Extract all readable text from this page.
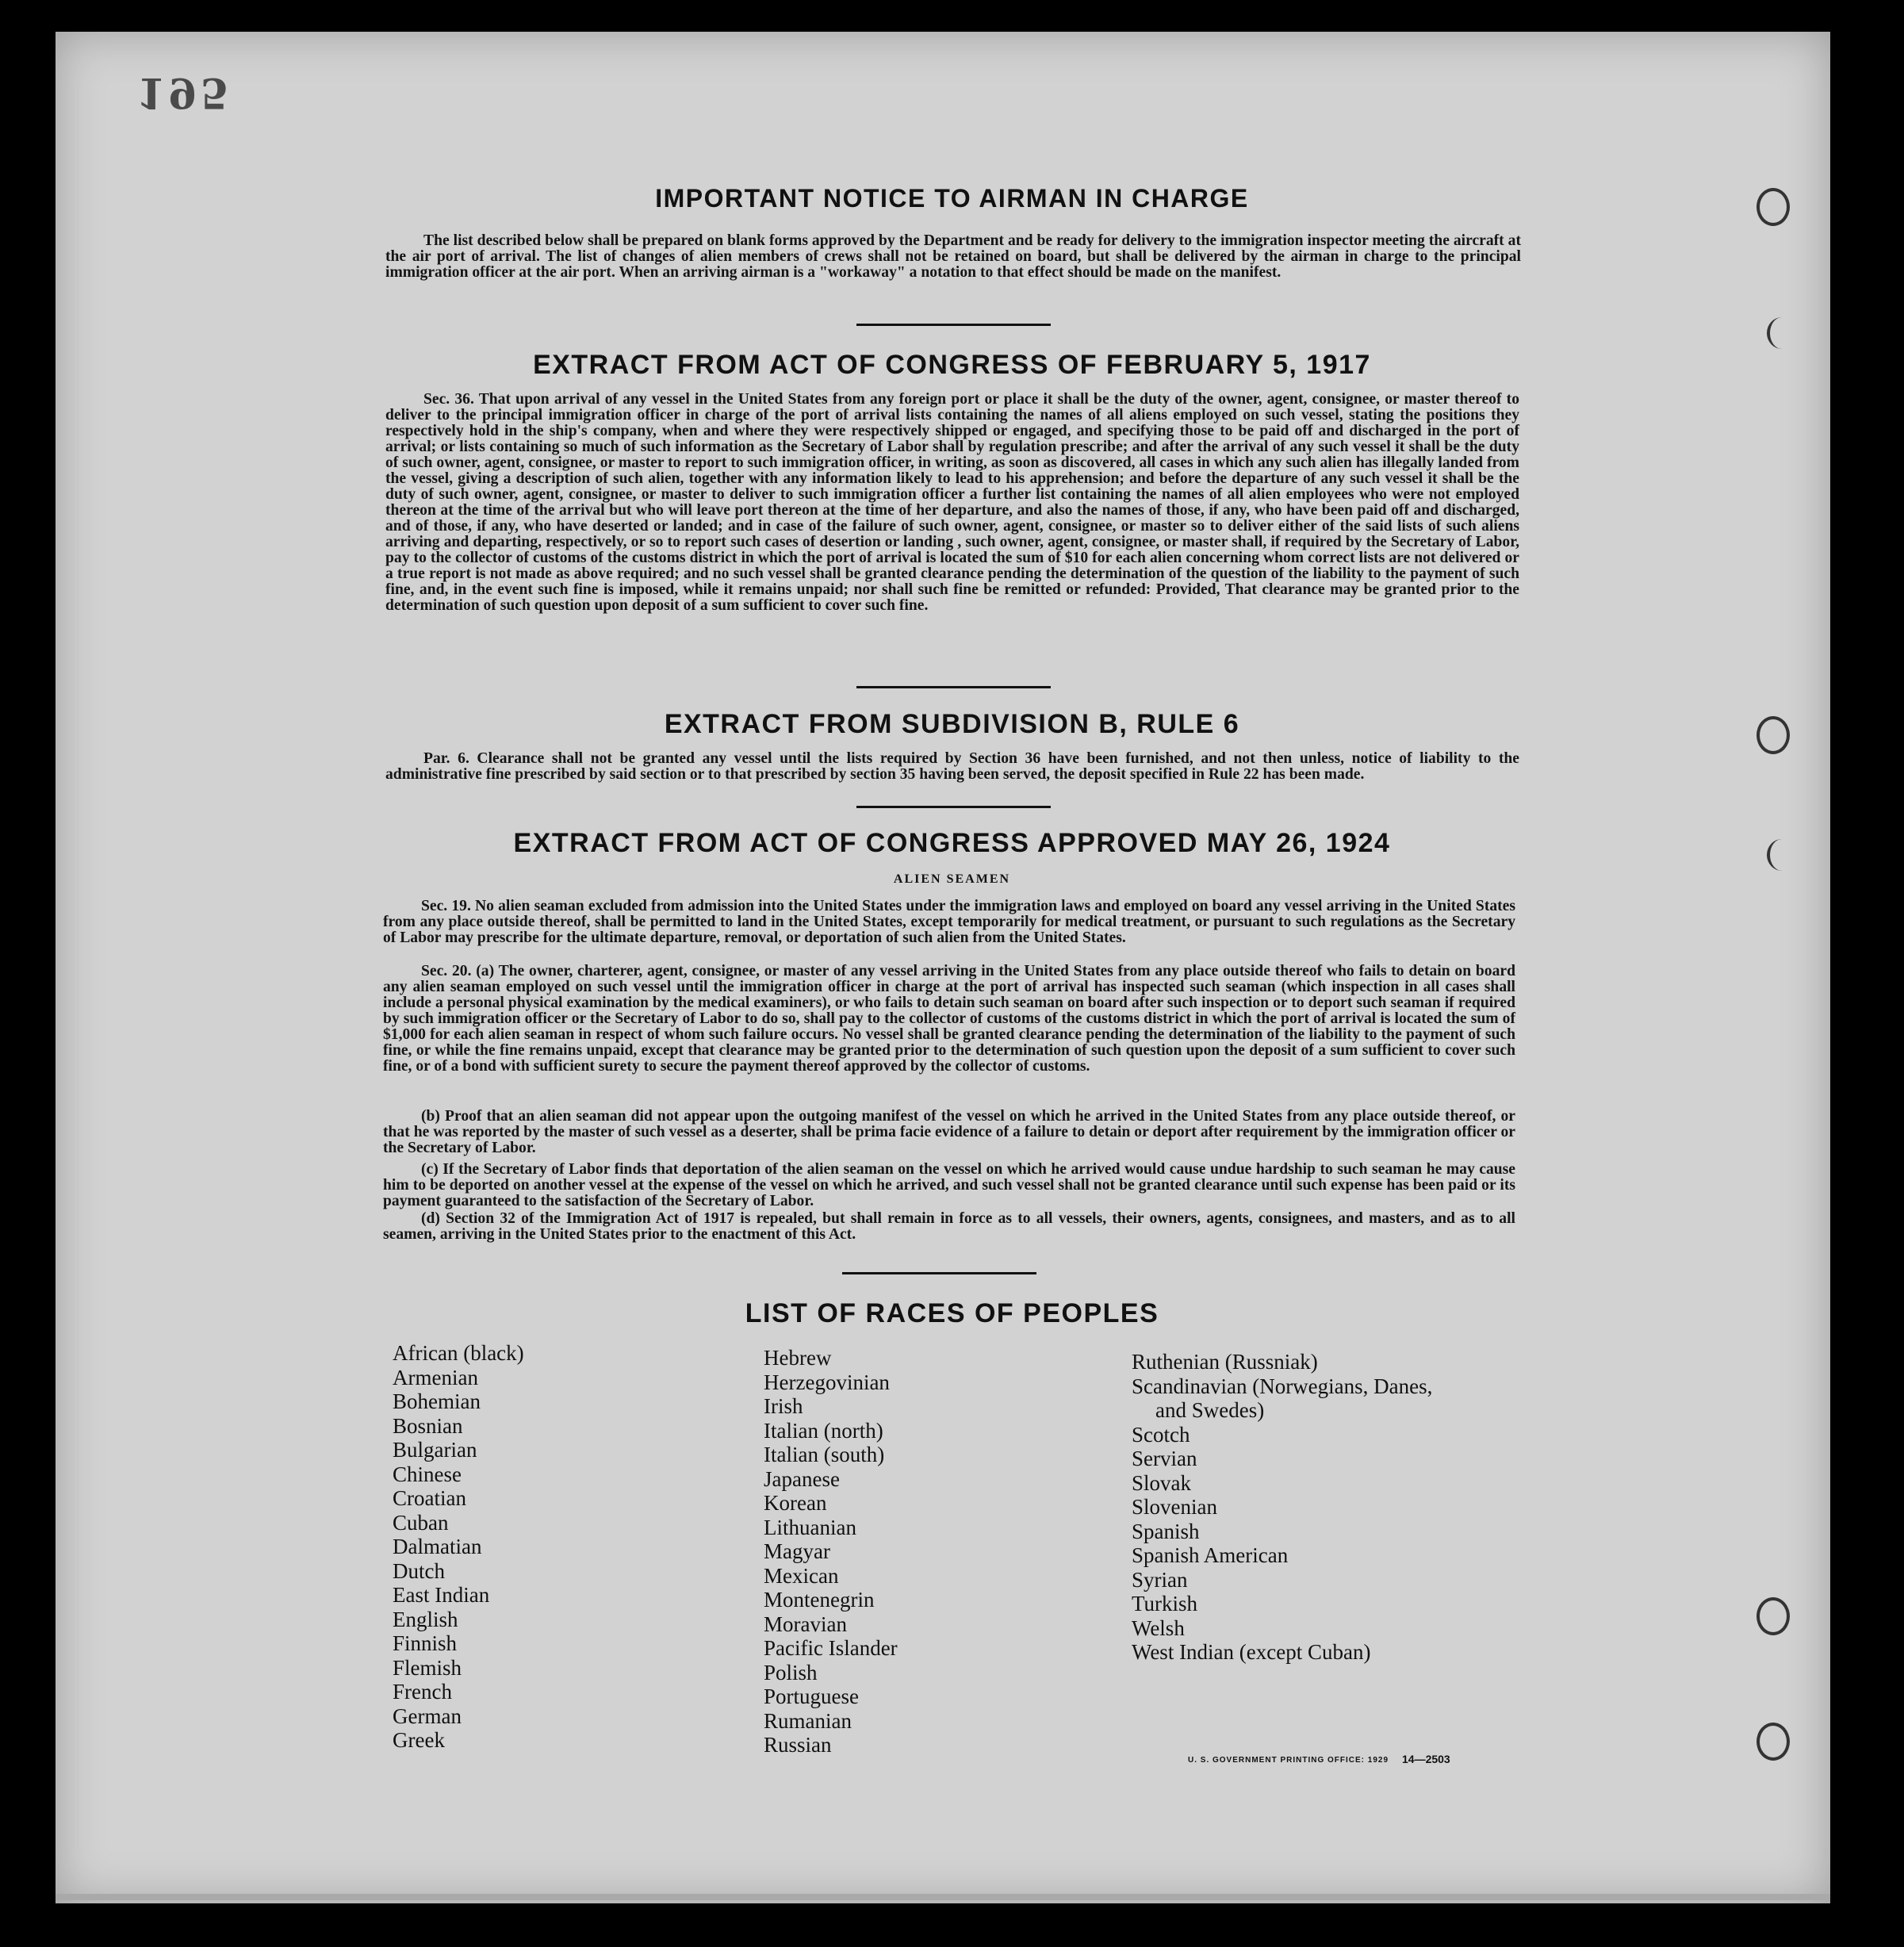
195

IMPORTANT NOTICE TO AIRMAN IN CHARGE
The list described below shall be prepared on blank forms approved by the Department and be ready for delivery to the immigration inspector meeting the aircraft at the air port of arrival. The list of changes of alien members of crews shall not be retained on board, but shall be delivered by the airman in charge to the principal immigration officer at the air port. When an arriving airman is a "workaway" a notation to that effect should be made on the manifest.
EXTRACT FROM ACT OF CONGRESS OF FEBRUARY 5, 1917
Sec. 36. That upon arrival of any vessel in the United States from any foreign port or place it shall be the duty of the owner, agent, consignee, or master thereof to deliver to the principal immigration officer in charge of the port of arrival lists containing the names of all aliens employed on such vessel, stating the positions they respectively hold in the ship's company, when and where they were respectively shipped or engaged, and specifying those to be paid off and discharged in the port of arrival; or lists containing so much of such information as the Secretary of Labor shall by regulation prescribe; and after the arrival of any such vessel it shall be the duty of such owner, agent, consignee, or master to report to such immigration officer, in writing, as soon as discovered, all cases in which any such alien has illegally landed from the vessel, giving a description of such alien, together with any information likely to lead to his apprehension; and before the departure of any such vessel it shall be the duty of such owner, agent, consignee, or master to deliver to such immigration officer a further list containing the names of all alien employees who were not employed thereon at the time of the arrival but who will leave port thereon at the time of her departure, and also the names of those, if any, who have been paid off and discharged, and of those, if any, who have deserted or landed; and in case of the failure of such owner, agent, consignee, or master so to deliver either of the said lists of such aliens arriving and departing, respectively, or so to report such cases of desertion or landing , such owner, agent, consignee, or master shall, if required by the Secretary of Labor, pay to the collector of customs of the customs district in which the port of arrival is located the sum of $10 for each alien concerning whom correct lists are not delivered or a true report is not made as above required; and no such vessel shall be granted clearance pending the determination of the question of the liability to the payment of such fine, and, in the event such fine is imposed, while it remains unpaid; nor shall such fine be remitted or refunded: Provided, That clearance may be granted prior to the determination of such question upon deposit of a sum sufficient to cover such fine.
EXTRACT FROM SUBDIVISION B, RULE 6
Par. 6. Clearance shall not be granted any vessel until the lists required by Section 36 have been furnished, and not then unless, notice of liability to the administrative fine prescribed by said section or to that prescribed by section 35 having been served, the deposit specified in Rule 22 has been made.
EXTRACT FROM ACT OF CONGRESS APPROVED MAY 26, 1924
ALIEN SEAMEN
Sec. 19. No alien seaman excluded from admission into the United States under the immigration laws and employed on board any vessel arriving in the United States from any place outside thereof, shall be permitted to land in the United States, except temporarily for medical treatment, or pursuant to such regulations as the Secretary of Labor may prescribe for the ultimate departure, removal, or deportation of such alien from the United States.
Sec. 20. (a) The owner, charterer, agent, consignee, or master of any vessel arriving in the United States from any place outside thereof who fails to detain on board any alien seaman employed on such vessel until the immigration officer in charge at the port of arrival has inspected such seaman (which inspection in all cases shall include a personal physical examination by the medical examiners), or who fails to detain such seaman on board after such inspection or to deport such seaman if required by such immigration officer or the Secretary of Labor to do so, shall pay to the collector of customs of the customs district in which the port of arrival is located the sum of $1,000 for each alien seaman in respect of whom such failure occurs. No vessel shall be granted clearance pending the determination of the liability to the payment of such fine, or while the fine remains unpaid, except that clearance may be granted prior to the determination of such question upon the deposit of a sum sufficient to cover such fine, or of a bond with sufficient surety to secure the payment thereof approved by the collector of customs.
(b) Proof that an alien seaman did not appear upon the outgoing manifest of the vessel on which he arrived in the United States from any place outside thereof, or that he was reported by the master of such vessel as a deserter, shall be prima facie evidence of a failure to detain or deport after requirement by the immigration officer or the Secretary of Labor.
(c) If the Secretary of Labor finds that deportation of the alien seaman on the vessel on which he arrived would cause undue hardship to such seaman he may cause him to be deported on another vessel at the expense of the vessel on which he arrived, and such vessel shall not be granted clearance until such expense has been paid or its payment guaranteed to the satisfaction of the Secretary of Labor.
(d) Section 32 of the Immigration Act of 1917 is repealed, but shall remain in force as to all vessels, their owners, agents, consignees, and masters, and as to all seamen, arriving in the United States prior to the enactment of this Act.
LIST OF RACES OF PEOPLES
African (black)
Armenian
Bohemian
Bosnian
Bulgarian
Chinese
Croatian
Cuban
Dalmatian
Dutch
East Indian
English
Finnish
Flemish
French
German
Greek
Hebrew
Herzegovinian
Irish
Italian (north)
Italian (south)
Japanese
Korean
Lithuanian
Magyar
Mexican
Montenegrin
Moravian
Pacific Islander
Polish
Portuguese
Rumanian
Russian
Ruthenian (Russniak)
Scandinavian (Norwegians, Danes,
and Swedes)
Scotch
Servian
Slovak
Slovenian
Spanish
Spanish American
Syrian
Turkish
Welsh
West Indian (except Cuban)
U. S. GOVERNMENT PRINTING OFFICE: 1929 14—2503
